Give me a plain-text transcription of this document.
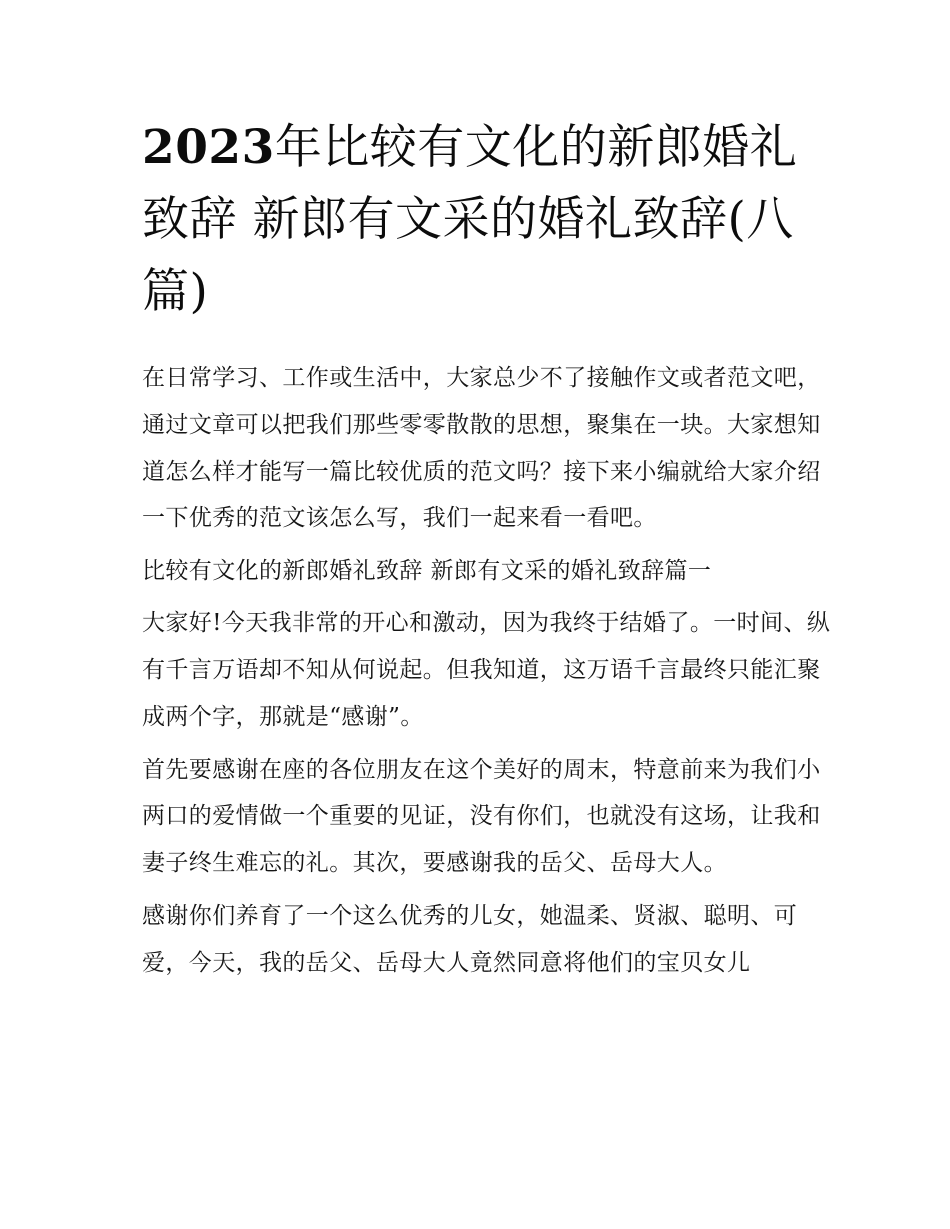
2023年比较有文化的新郎婚礼致辞 新郎有文采的婚礼致辞(八篇)

在日常学习、工作或生活中，大家总少不了接触作文或者范文吧，通过文章可以把我们那些零零散散的思想，聚集在一块。大家想知道怎么样才能写一篇比较优质的范文吗？接下来小编就给大家介绍一下优秀的范文该怎么写，我们一起来看一看吧。

比较有文化的新郎婚礼致辞 新郎有文采的婚礼致辞篇一

大家好!今天我非常的开心和激动，因为我终于结婚了。一时间、纵有千言万语却不知从何说起。但我知道，这万语千言最终只能汇聚成两个字，那就是“感谢”。

首先要感谢在座的各位朋友在这个美好的周末，特意前来为我们小两口的爱情做一个重要的见证，没有你们，也就没有这场，让我和妻子终生难忘的礼。其次，要感谢我的岳父、岳母大人。

感谢你们养育了一个这么优秀的儿女，她温柔、贤淑、聪明、可爱，今天，我的岳父、岳母大人竟然同意将他们的宝贝女儿
